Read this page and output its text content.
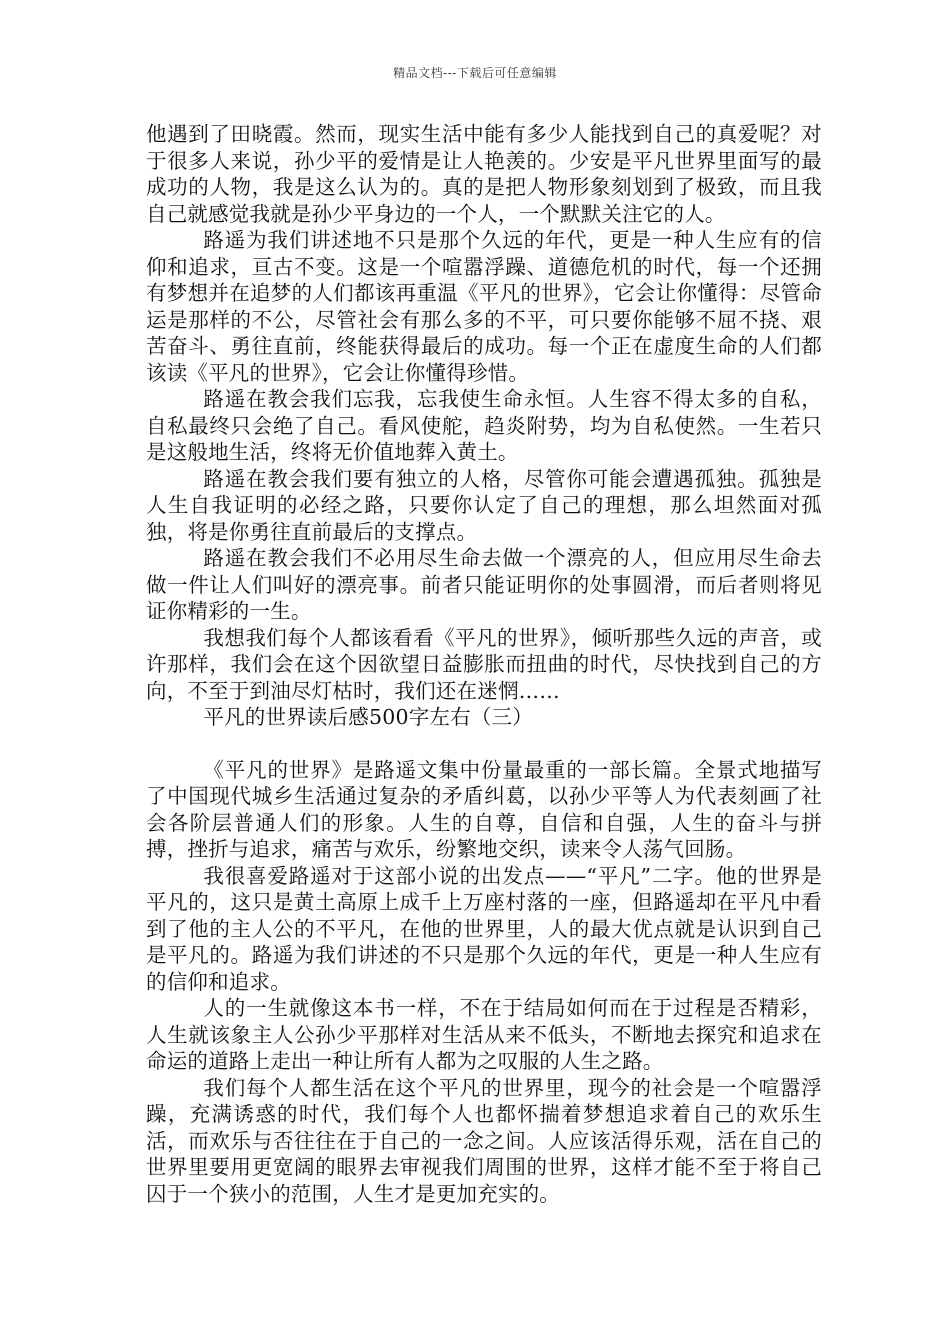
精品文档---下载后可任意编辑

他遇到了田晓霞。然而，现实生活中能有多少人能找到自己的真爱呢？对于很多人来说，孙少平的爱情是让人艳羡的。少安是平凡世界里面写的最成功的人物，我是这么认为的。真的是把人物形象刻划到了极致，而且我自己就感觉我就是孙少平身边的一个人，一个默默关注它的人。

路遥为我们讲述地不只是那个久远的年代，更是一种人生应有的信仰和追求，亘古不变。这是一个喧嚣浮躁、道德危机的时代，每一个还拥有梦想并在追梦的人们都该再重温《平凡的世界》，它会让你懂得：尽管命运是那样的不公，尽管社会有那么多的不平，可只要你能够不屈不挠、艰苦奋斗、勇往直前，终能获得最后的成功。每一个正在虚度生命的人们都该读《平凡的世界》，它会让你懂得珍惜。

路遥在教会我们忘我，忘我使生命永恒。人生容不得太多的自私，自私最终只会绝了自己。看风使舵，趋炎附势，均为自私使然。一生若只是这般地生活，终将无价值地葬入黄土。

路遥在教会我们要有独立的人格，尽管你可能会遭遇孤独。孤独是人生自我证明的必经之路，只要你认定了自己的理想，那么坦然面对孤独，将是你勇往直前最后的支撑点。

路遥在教会我们不必用尽生命去做一个漂亮的人，但应用尽生命去做一件让人们叫好的漂亮事。前者只能证明你的处事圆滑，而后者则将见证你精彩的一生。

我想我们每个人都该看看《平凡的世界》，倾听那些久远的声音，或许那样，我们会在这个因欲望日益膨胀而扭曲的时代，尽快找到自己的方向，不至于到油尽灯枯时，我们还在迷惘……

平凡的世界读后感500字左右（三）

《平凡的世界》是路遥文集中份量最重的一部长篇。全景式地描写了中国现代城乡生活通过复杂的矛盾纠葛，以孙少平等人为代表刻画了社会各阶层普通人们的形象。人生的自尊，自信和自强，人生的奋斗与拼搏，挫折与追求，痛苦与欢乐，纷繁地交织，读来令人荡气回肠。

我很喜爱路遥对于这部小说的出发点——“平凡”二字。他的世界是平凡的，这只是黄土高原上成千上万座村落的一座，但路遥却在平凡中看到了他的主人公的不平凡，在他的世界里，人的最大优点就是认识到自己是平凡的。路遥为我们讲述的不只是那个久远的年代，更是一种人生应有的信仰和追求。

人的一生就像这本书一样，不在于结局如何而在于过程是否精彩，人生就该象主人公孙少平那样对生活从来不低头，不断地去探究和追求在命运的道路上走出一种让所有人都为之叹服的人生之路。

我们每个人都生活在这个平凡的世界里，现今的社会是一个喧嚣浮躁，充满诱惑的时代，我们每个人也都怀揣着梦想追求着自己的欢乐生活，而欢乐与否往往在于自己的一念之间。人应该活得乐观，活在自己的世界里要用更宽阔的眼界去审视我们周围的世界，这样才能不至于将自己囚于一个狭小的范围，人生才是更加充实的。
